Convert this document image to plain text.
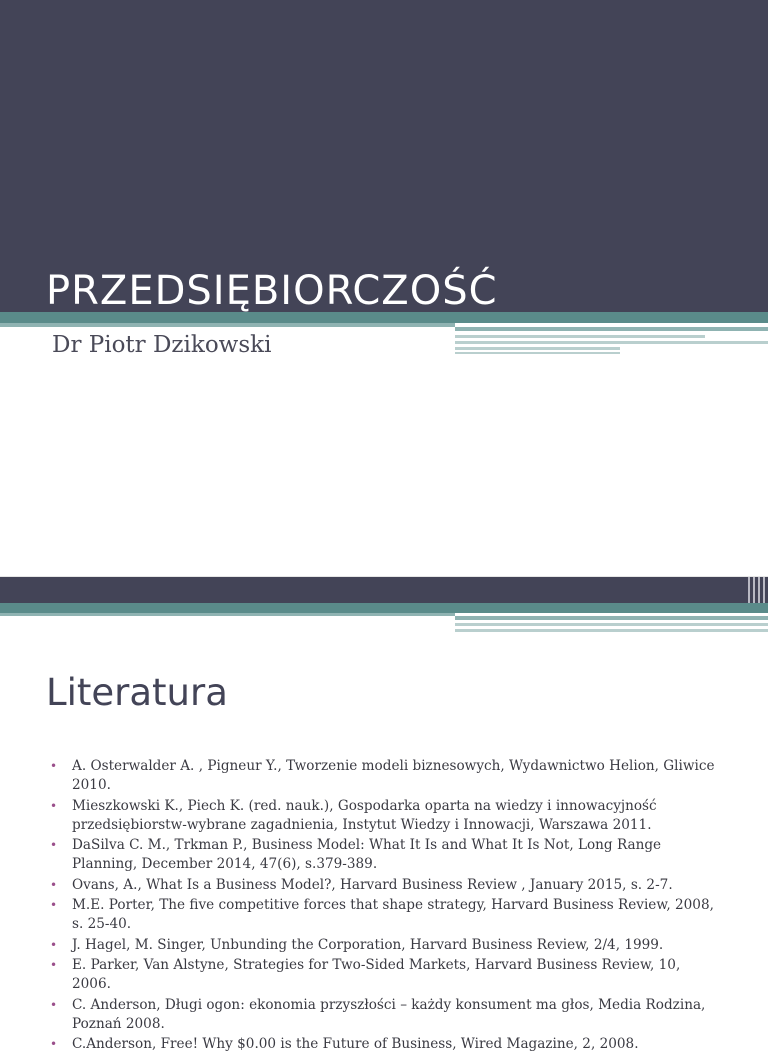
PRZEDSIĘBIORCZOŚĆ
Dr Piotr Dzikowski
Literatura
• A. Osterwalder A. , Pigneur Y., Tworzenie modeli biznesowych, Wydawnictwo Helion, Gliwice 2010.
• Mieszkowski K., Piech K. (red. nauk.), Gospodarka oparta na wiedzy i innowacyjność przedsiębiorstw-wybrane zagadnienia, Instytut Wiedzy i Innowacji, Warszawa 2011.
• DaSilva C. M., Trkman P., Business Model: What It Is and What It Is Not, Long Range Planning, December 2014, 47(6), s.379-389.
• Ovans, A., What Is a Business Model?, Harvard Business Review , January 2015, s. 2-7.
• M.E. Porter, The five competitive forces that shape strategy, Harvard Business Review, 2008, s. 25-40.
• J. Hagel, M. Singer, Unbunding the Corporation, Harvard Business Review, 2/4, 1999.
• E. Parker, Van Alstyne, Strategies for Two-Sided Markets, Harvard Business Review, 10, 2006.
• C. Anderson, Długi ogon: ekonomia przyszłości – każdy konsument ma głos, Media Rodzina, Poznań 2008.
• C.Anderson, Free! Why $0.00 is the Future of Business, Wired Magazine, 2, 2008.
